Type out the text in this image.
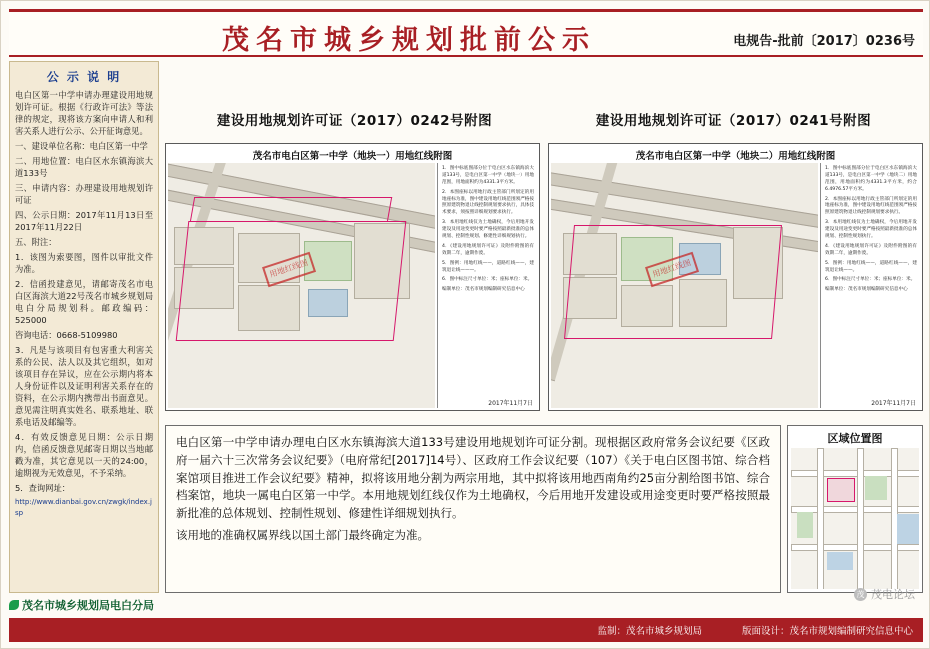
茂名市城乡规划批前公示	电规告-批前〔2017〕0236号
公 示 说 明

电白区第一中学申请办理建设用地规划许可证。根据《行政许可法》等法律的规定，现将该方案向申请人和利害关系人进行公示、公开征询意见。

一、建设单位名称：电白区第一中学

二、用地位置：电白区水东镇海滨大道133号

三、申请内容：办理建设用地规划许可证

四、公示日期：2017年11月13日至2017年11月22日

五、附注：

1．该图为索要图，图件以审批文件为准。

2．信函投建意见，请邮寄茂名市电白区海滨大道22号茂名市城乡规划局电白分局规划科。邮政编码：525000

咨询电话：0668-5109980

3．凡是与该项目有包害重大利害关系的公民、法人以及其它组织，如对该项目存在异议，应在公示期内将本人身份证件以及证明利害关系存在的资料，在公示期内携带出书面意见。意见需注明真实姓名、联系地址、联系电话及邮编等。

4．有效反馈意见日期：公示日期内，信函反馈意见邮寄日期以当地邮戳为准，其它意见以一天的24:00，逾期视为无效意见，不予采纳。

5．查询网址：

http://www.dianbai.gov.cn/zwgk/index.jsp

茂名市城乡规划局电白分局
建设用地规划许可证（2017）0242号附图	建设用地规划许可证（2017）0241号附图
茂名市电白区第一中学（地块一）用地红线附图
用地红线图

1．图中标底图部分位于电白区水东镇海滨大道133号，是电白区第一中学（地块一）用地范围，用地面积约为4331.3平方米。

2．本图座标以用地行政主管部门所划定的用地座标为准，图中建设用地红线范围须严格按照原建筑物退让线控制规划要求执行，具体技术要求，须按照详细规划要求执行。

3．本用地红线仅为土地确权，今后用地开发建设及用途变更时要严格按照最新批准的总体规划、控制性规划、修建性详细规划执行。

4．《建设用地规划许可证》及附件附图的有效期二年，逾期作废。

5．图例：用地红线——，道路红线——，建筑退让线———。

6．图中标注尺寸单位：米；座标单位：米。

编制单位：茂名市规划编制研究信息中心

2017年11月7日
茂名市电白区第一中学（地块二）用地红线附图
用地红线图

1．图中标底图部分位于电白区水东镇海滨大道133号，是电白区第一中学（地块二）用地范围，用地面积约为4331.3平方米，约合6.4976.57平方米。

2．本图座标以用地行政主管部门所划定的用地座标为准，图中建设用地红线范围须严格按照原建筑物退让线控制规划要求执行。

3．本用地红线仅为土地确权，今后用地开发建设及用途变更时要严格按照最新批准的总体规划、控制性规划执行。

4．《建设用地规划许可证》及附件附图的有效期二年，逾期作废。

5．图例：用地红线——，道路红线——，建筑退让线——。

6．图中标注尺寸单位：米；座标单位：米。

编制单位：茂名市规划编制研究信息中心

2017年11月7日

电白区第一中学申请办理电白区水东镇海滨大道133号建设用地规划许可证分割。现根据区政府常务会议纪要《区政府一届六十三次常务会议纪要》（电府常纪[2017]14号）、区政府工作会议纪要（107）《关于电白区图书馆、综合档案馆项目推进工作会议纪要》精神，拟将该用地分割为两宗用地，其中拟将该用地西南角约25亩分割给图书馆、综合档案馆，地块一属电白区第一中学。本用地规划红线仅作为土地确权，今后用地开发建设或用途变更时要严格按照最新批准的总体规划、控制性规划、修建性详细规划执行。

该用地的准确权属界线以国土部门最终确定为准。

区域位置图
茂 茂电论坛
监制：茂名市城乡规划局	版面设计：茂名市规划编制研究信息中心
